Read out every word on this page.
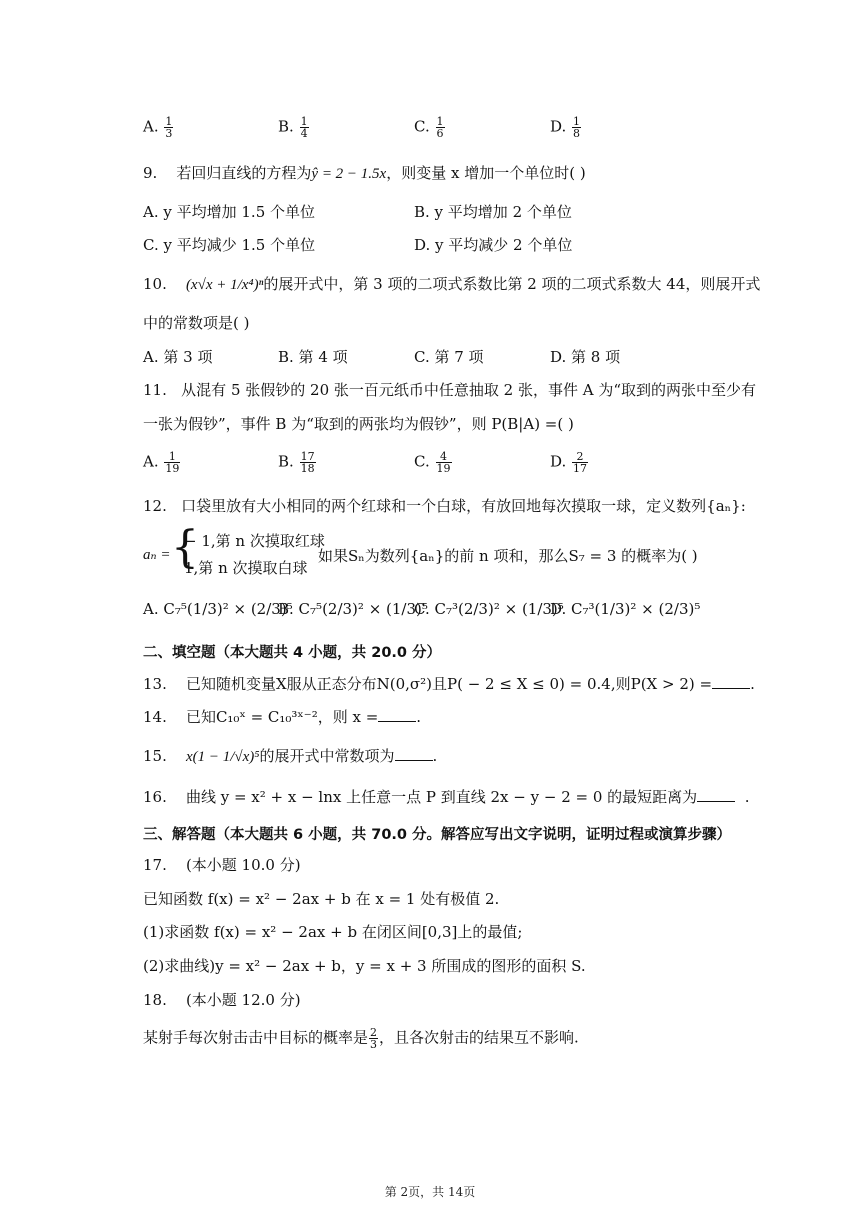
A. $\frac{1}{3}$	B. $\frac{1}{4}$	C. $\frac{1}{6}$	D. $\frac{1}{8}$
9. 若回归直线的方程为ŷ = 2 − 1.5x，则变量 x 增加一个单位时( )
A. y 平均增加 1.5 个单位	B. y 平均增加 2 个单位
C. y 平均减少 1.5 个单位	D. y 平均减少 2 个单位
10. (x√x + 1/x⁴)ⁿ的展开式中，第 3 项的二项式系数比第 2 项的二项式系数大 44，则展开式
中的常数项是( )
A. 第 3 项	B. 第 4 项	C. 第 7 项	D. 第 8 项
11. 从混有 5 张假钞的 20 张一百元纸币中任意抽取 2 张，事件 A 为“取到的两张中至少有
一张为假钞”，事件 B 为“取到的两张均为假钞”，则 P(B|A) =( )
A. $\frac{1}{19}$	B. $\frac{17}{18}$	C. $\frac{4}{19}$	D. $\frac{2}{17}$
12. 口袋里放有大小相同的两个红球和一个白球，有放回地每次摸取一球，定义数列{aₙ}:
aₙ = {
− 1,第 n 次摸取红球
1,第 n 次摸取白球
如果Sₙ为数列{aₙ}的前 n 项和，那么S₇ = 3 的概率为( )
A. C₇⁵(1/3)² × (2/3)⁵
B. C₇⁵(2/3)² × (1/3)⁵
C. C₇³(2/3)² × (1/3)⁵
D. C₇³(1/3)² × (2/3)⁵
二、填空题（本大题共 4 小题，共 20.0 分）
13. 已知随机变量X服从正态分布N(0,σ²)且P( − 2 ≤ X ≤ 0) = 0.4,则P(X > 2) =	.
14. 已知C₁₀ˣ = C₁₀³ˣ⁻²，则 x =	.
15. x(1 − 1/√x)⁵的展开式中常数项为	.
16. 曲线 y = x² + x − lnx 上任意一点 P 到直线 2x − y − 2 = 0 的最短距离为	.
三、解答题（本大题共 6 小题，共 70.0 分。解答应写出文字说明，证明过程或演算步骤）
17. (本小题 10.0 分)
已知函数 f(x) = x² − 2ax + b 在 x = 1 处有极值 2.
(1)求函数 f(x) = x² − 2ax + b 在闭区间[0,3]上的最值;
(2)求曲线)y = x² − 2ax + b，y = x + 3 所围成的图形的面积 S.
18. (本小题 12.0 分)
某射手每次射击击中目标的概率是 $\frac{2}{3}$ ，且各次射击的结果互不影响.
第 2页，共 14页
